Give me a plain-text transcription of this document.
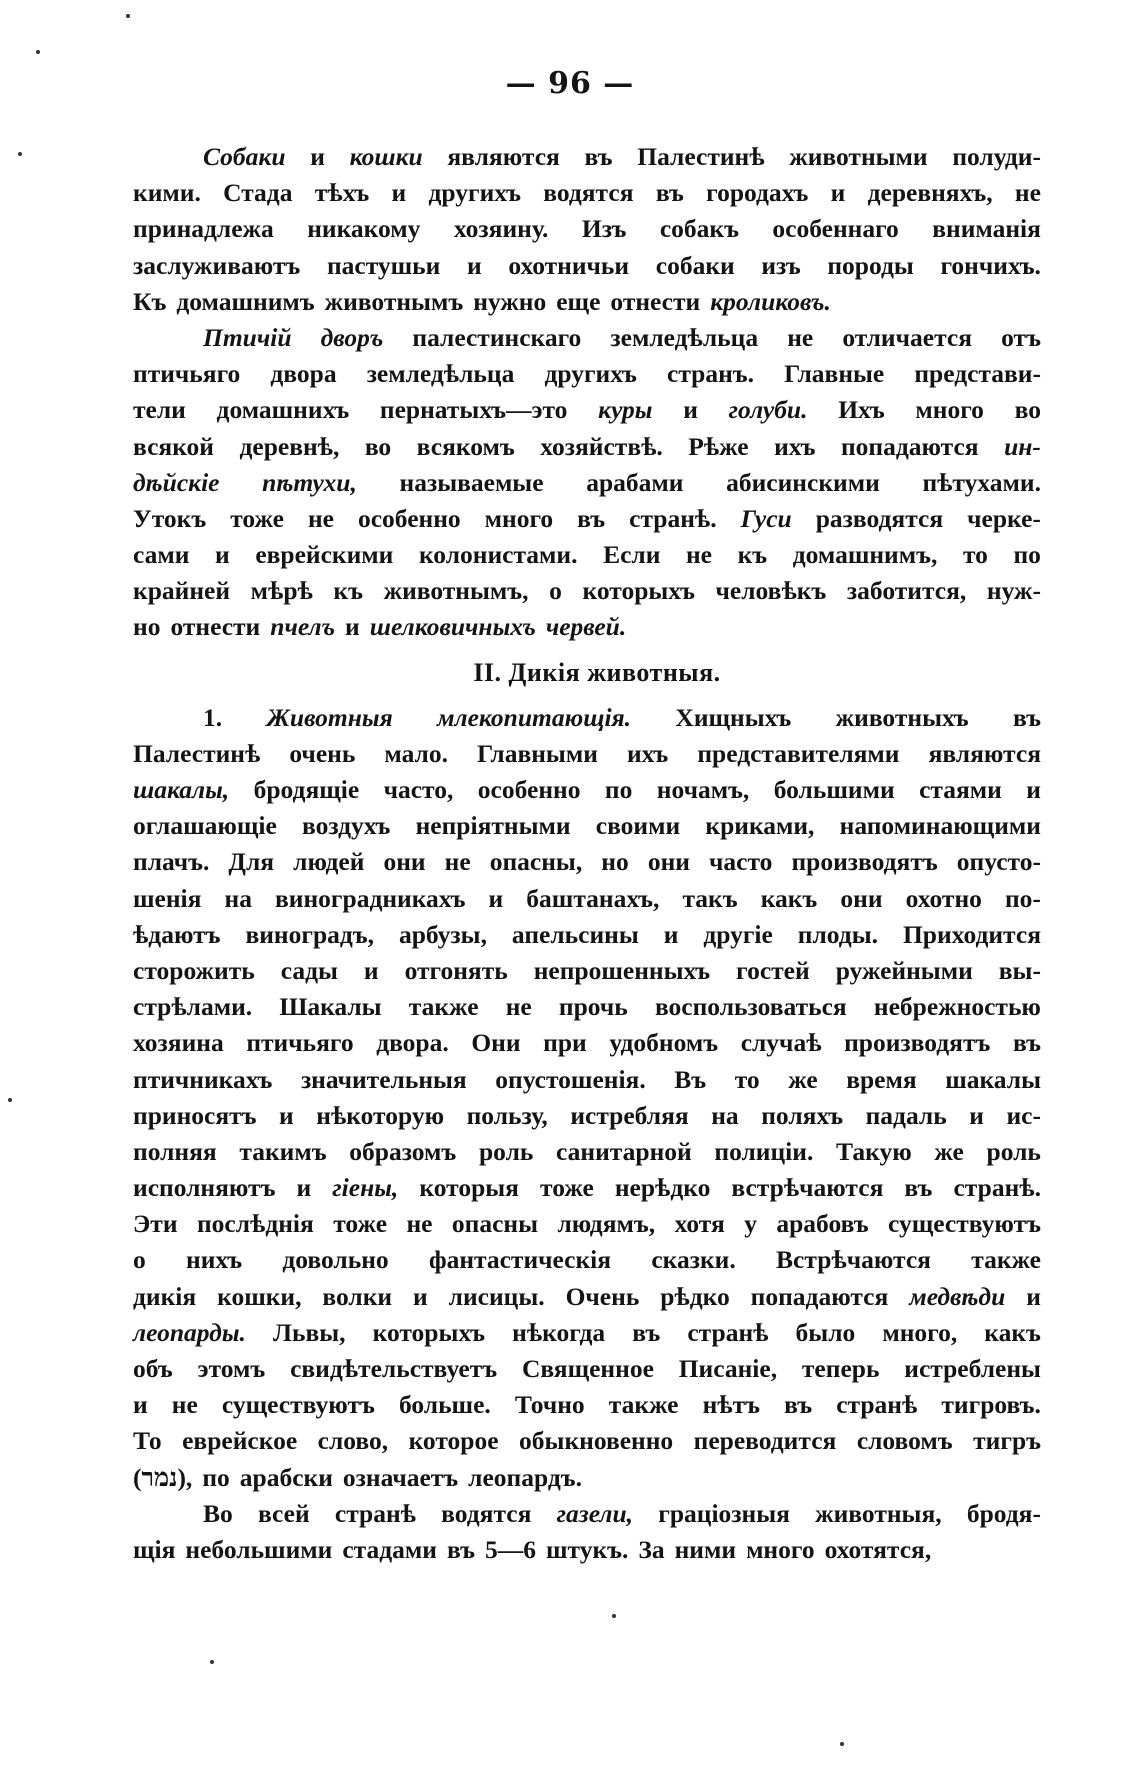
— 96 —
Собаки и кошки являются въ Палестинѣ животными полуди-
кими. Стада тѣхъ и другихъ водятся въ городахъ и деревняхъ, не
принадлежа никакому хозяину. Изъ собакъ особеннаго вниманія
заслуживаютъ пастушьи и охотничьи собаки изъ породы гончихъ.
Къ домашнимъ животнымъ нужно еще отнести кроликовъ.
Птичій дворъ палестинскаго земледѣльца не отличается отъ
птичьяго двора земледѣльца другихъ странъ. Главные представи-
тели домашнихъ пернатыхъ—это куры и голуби. Ихъ много во
всякой деревнѣ, во всякомъ хозяйствѣ. Рѣже ихъ попадаются ин-
дѣйскіе пѣтухи, называемые арабами абисинскими пѣтухами.
Утокъ тоже не особенно много въ странѣ. Гуси разводятся черке-
сами и еврейскими колонистами. Если не къ домашнимъ, то по
крайней мѣрѣ къ животнымъ, о которыхъ человѣкъ заботится, нуж-
но отнести пчелъ и шелковичныхъ червей.
II. Дикія животныя.
1. Животныя млекопитающія. Хищныхъ животныхъ въ
Палестинѣ очень мало. Главными ихъ представителями являются
шакалы, бродящіе часто, особенно по ночамъ, большими стаями и
оглашающіе воздухъ непріятными своими криками, напоминающими
плачъ. Для людей они не опасны, но они часто производятъ опусто-
шенія на виноградникахъ и баштанахъ, такъ какъ они охотно по-
ѣдаютъ виноградъ, арбузы, апельсины и другіе плоды. Приходится
сторожить сады и отгонять непрошенныхъ гостей ружейными вы-
стрѣлами. Шакалы также не прочь воспользоваться небрежностью
хозяина птичьяго двора. Они при удобномъ случаѣ производятъ въ
птичникахъ значительныя опустошенія. Въ то же время шакалы
приносятъ и нѣкоторую пользу, истребляя на поляхъ падаль и ис-
полняя такимъ образомъ роль санитарной полиціи. Такую же роль
исполняютъ и гіены, которыя тоже нерѣдко встрѣчаются въ странѣ.
Эти послѣднія тоже не опасны людямъ, хотя у арабовъ существуютъ
о нихъ довольно фантастическія сказки. Встрѣчаются также
дикія кошки, волки и лисицы. Очень рѣдко попадаются медвѣди и
леопарды. Львы, которыхъ нѣкогда въ странѣ было много, какъ
объ этомъ свидѣтельствуетъ Священное Писаніе, теперь истреблены
и не существуютъ больше. Точно также нѣтъ въ странѣ тигровъ.
То еврейское слово, которое обыкновенно переводится словомъ тигръ
(נמר), по арабски означаетъ леопардъ.
Во всей странѣ водятся газели, граціозныя животныя, бродя-
щія небольшими стадами въ 5—6 штукъ. За ними много охотятся,
